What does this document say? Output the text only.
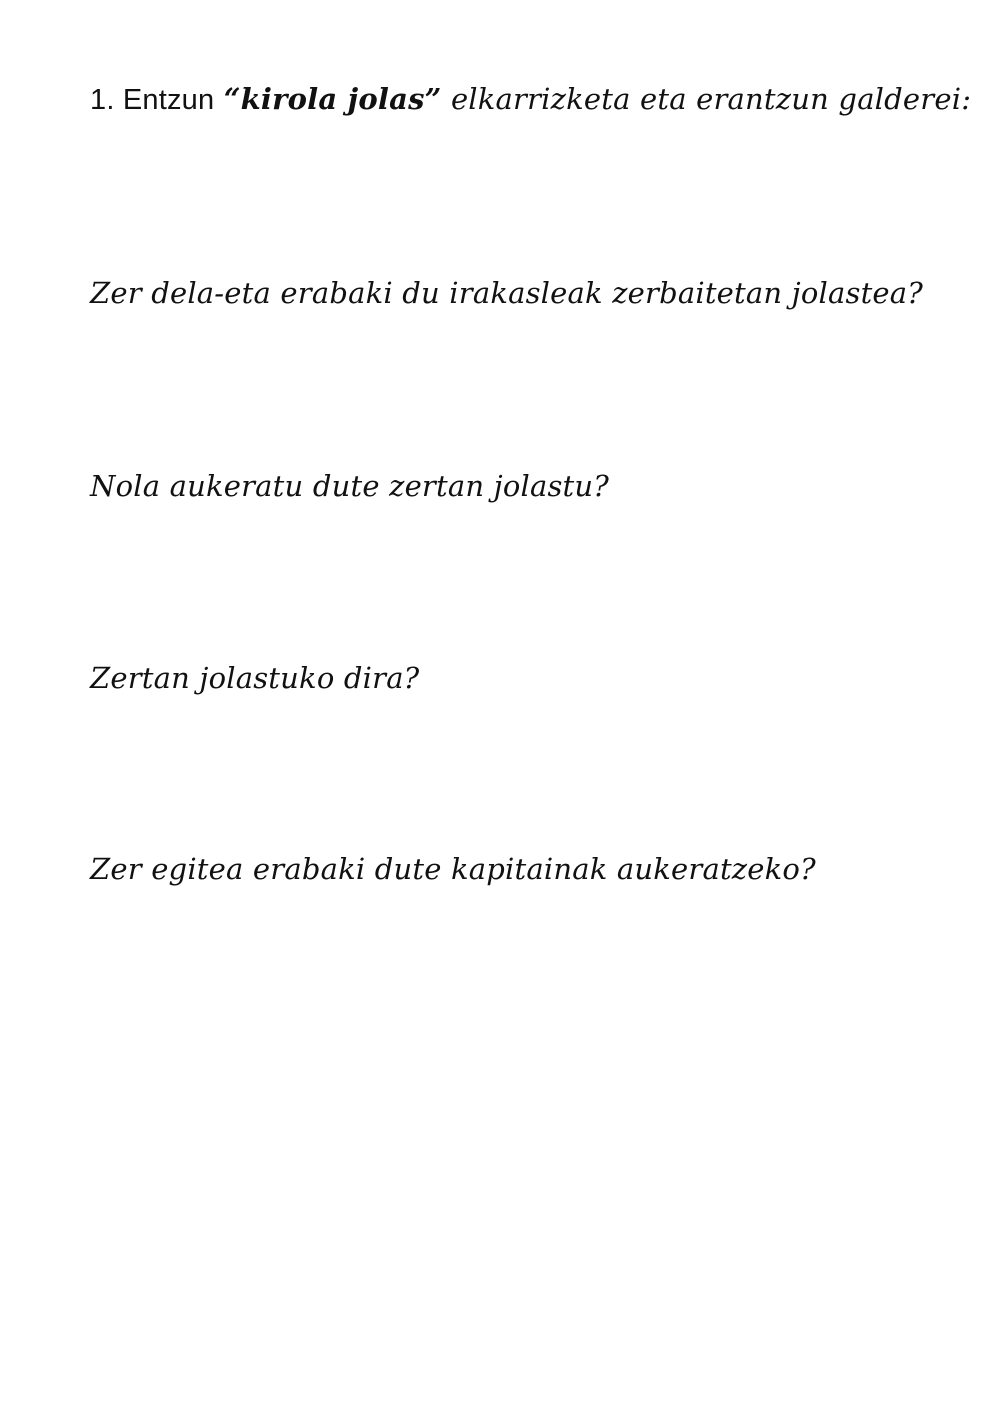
1. Entzun “kirola jolas” elkarrizketa eta erantzun galderei:
Zer dela-eta erabaki du irakasleak zerbaitetan jolastea?
Nola aukeratu dute zertan jolastu?
Zertan jolastuko dira?
Zer egitea erabaki dute kapitainak aukeratzeko?
